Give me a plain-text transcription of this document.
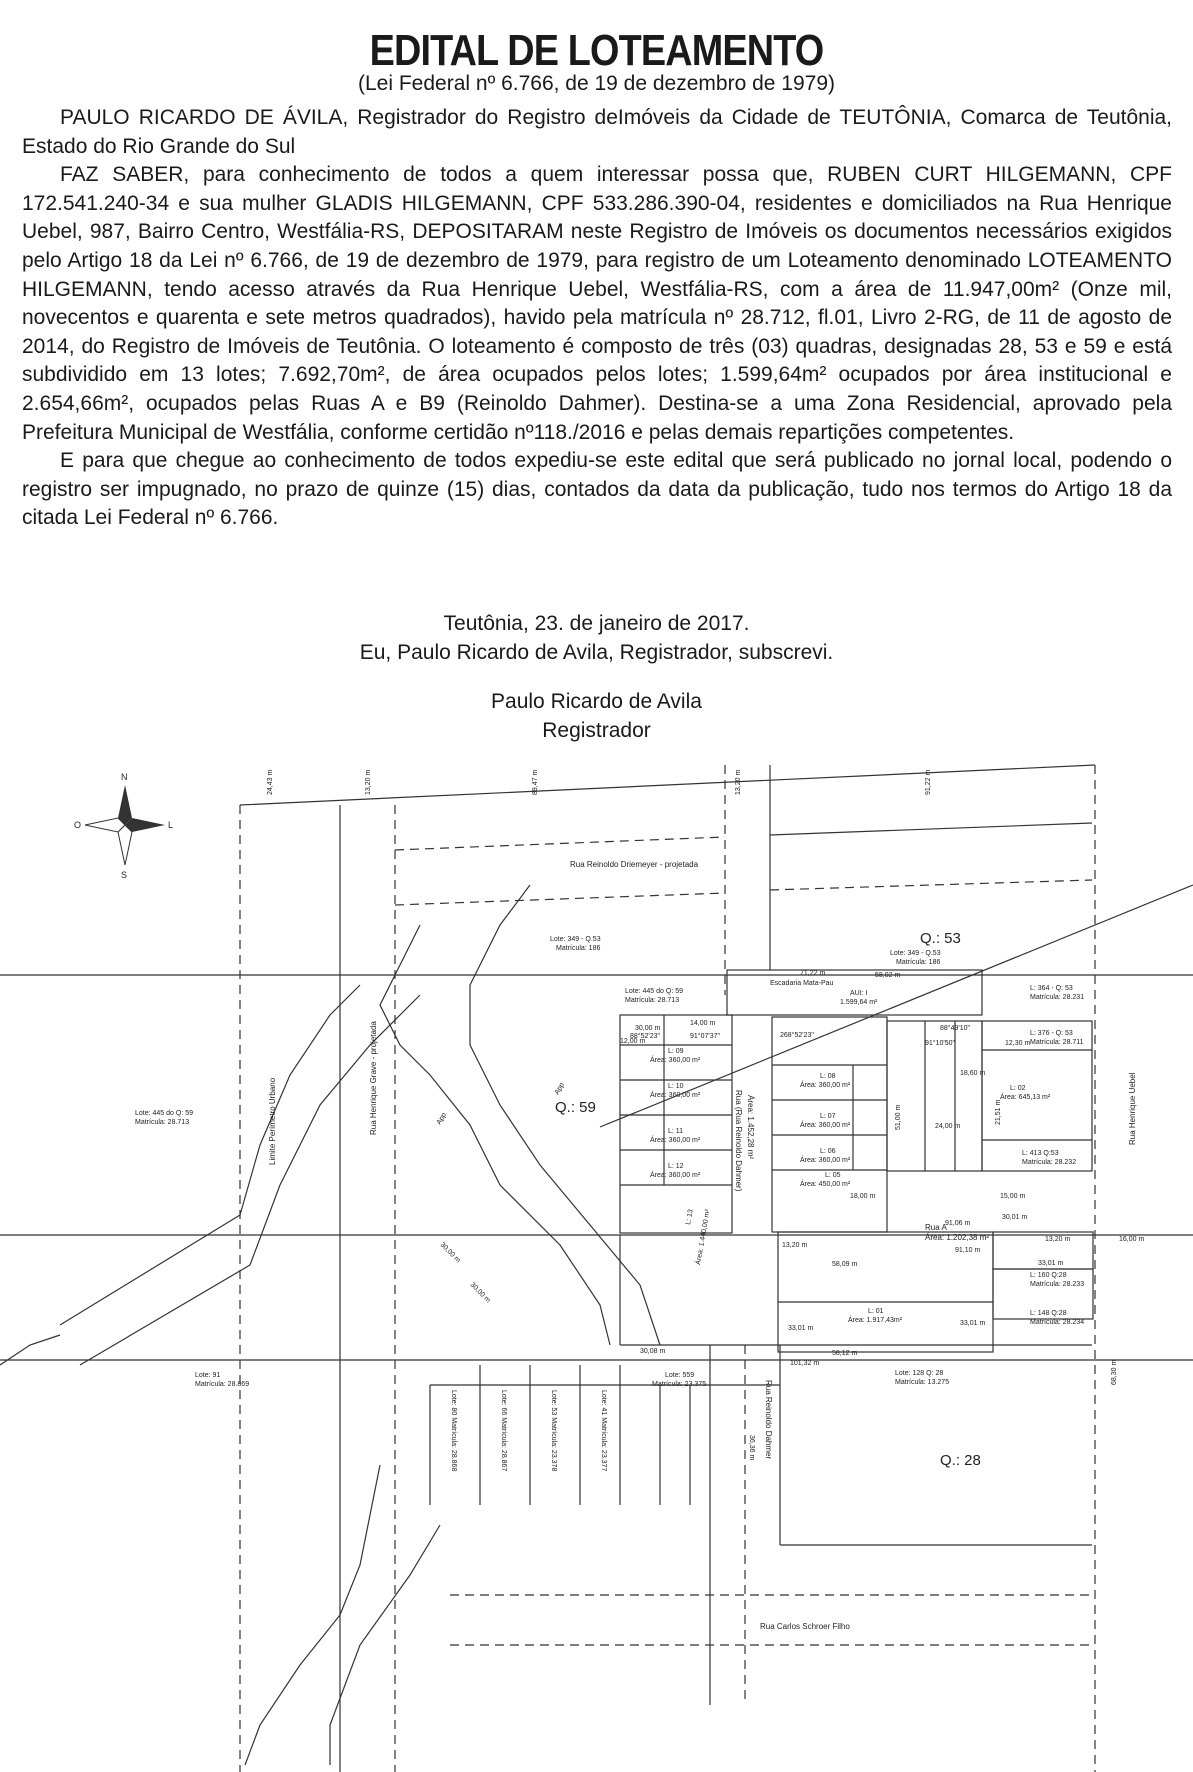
EDITAL DE LOTEAMENTO
(Lei Federal nº 6.766, de 19 de dezembro de 1979)

PAULO RICARDO DE ÁVILA, Registrador do Registro deImóveis da Cidade de TEUTÔNIA, Comarca de Teutônia, Estado do Rio Grande do Sul

FAZ SABER, para conhecimento de todos a quem interessar possa que, RUBEN CURT HILGEMANN, CPF 172.541.240-34 e sua mulher GLADIS HILGEMANN, CPF 533.286.390-04, residentes e domiciliados na Rua Henrique Uebel, 987, Bairro Centro, Westfália-RS, DEPOSITARAM neste Registro de Imóveis os documentos necessários exigidos pelo Artigo 18 da Lei nº 6.766, de 19 de dezembro de 1979, para registro de um Loteamento denominado LOTEAMENTO HILGEMANN, tendo acesso através da Rua Henrique Uebel, Westfália-RS, com a área de 11.947,00m² (Onze mil, novecentos e quarenta e sete metros quadrados), havido pela matrícula nº 28.712, fl.01, Livro 2-RG, de 11 de agosto de 2014, do Registro de Imóveis de Teutônia. O loteamento é composto de três (03) quadras, designadas 28, 53 e 59 e está subdividido em 13 lotes; 7.692,70m², de área ocupados pelos lotes; 1.599,64m² ocupados por área institucional e 2.654,66m², ocupados pelas Ruas A e B9 (Reinoldo Dahmer). Destina-se a uma Zona Residencial, aprovado pela Prefeitura Municipal de Westfália, conforme certidão nº118./2016 e pelas demais repartições competentes.

E para que chegue ao conhecimento de todos expediu-se este edital que será publicado no jornal local, podendo o registro ser impugnado, no prazo de quinze (15) dias, contados da data da publicação, tudo nos termos do Artigo 18 da citada Lei Federal nº 6.766.

Teutônia, 23. de janeiro de 2017.
Eu, Paulo Ricardo de Avila, Registrador, subscrevi.
Paulo Ricardo de Avila
Registrador
N
S
O	L
24,43 m	13,20 m	89,47 m	13,20 m	91,22 m
Rua Reinoldo Driemeyer - projetada
Rua Henrique Grave - projetada
Limite Perímetro Urbano	Rua Henrique Uebel
Rua Reinoldo Dahmer
Rua Carlos Schroer Filho
Rua A
Área: 1.202,38 m²
Rua (Rua Reinoldo Dahmer) Área: 1.452,28 m²
Q.: 53
Q.: 59
Q.: 28
Lote: 349 - Q.53
Matrícula: 186
Lote: 349 - Q.53
Matrícula: 186
Lote: 445 do Q: 59
Matrícula: 28.713
Lote: 445 do Q: 59
Matrícula: 28.713
L: 364 - Q: 53
Matrícula: 28.231
L: 376 - Q: 53
Matrícula: 28.711
L: 413 Q:53
Matrícula: 28.232
L: 160 Q:28
Matrícula: 28.233
L: 148 Q:28
Matrícula: 28.234
Lote: 91
Matrícula: 28.869
Lote: 559
Matrícula: 23.375
Lote: 128 Q: 28
Matrícula: 13.275
Lote: 80 Matrícula: 28.868	Lote: 66 Matrícula: 28.867	Lote: 53 Matrícula: 23.378	Lote: 41 Matrícula: 23.377
AUI: I
1.599,64 m²
Escadaria Mata-Pau
L: 01
Área: 1.917,43m²
L: 02
Área: 645,13 m²
L: 05
Área: 450,00 m²
L: 06
Área: 360,00 m²
L: 07
Área: 360,00 m²
L: 08
Área: 360,00 m²
L: 09
Área: 360,00 m²
L: 10
Área: 360,00 m²
L: 11
Área: 360,00 m²
L: 12
Área: 360,00 m²
L: 13 Área: 1.440,00 m²
App
App
30,00 m
12,00 m
14,00 m
88°52'23"	91°07'37"	268°52'23"
91°10'50"
88°49'10"
58,02 m
71,22 m
18,60 m
12,30 m
24,00 m
21,51 m
15,00 m
30,01 m
13,20 m	16,00 m
13,20 m
91,10 m
91,06 m
58,09 m	33,01 m
33,01 m
33,01 m
58,12 m
101,32 m
30,08 m
30,00 m
30,00 m
36,36 m
68,30 m
51,00 m
18,00 m
